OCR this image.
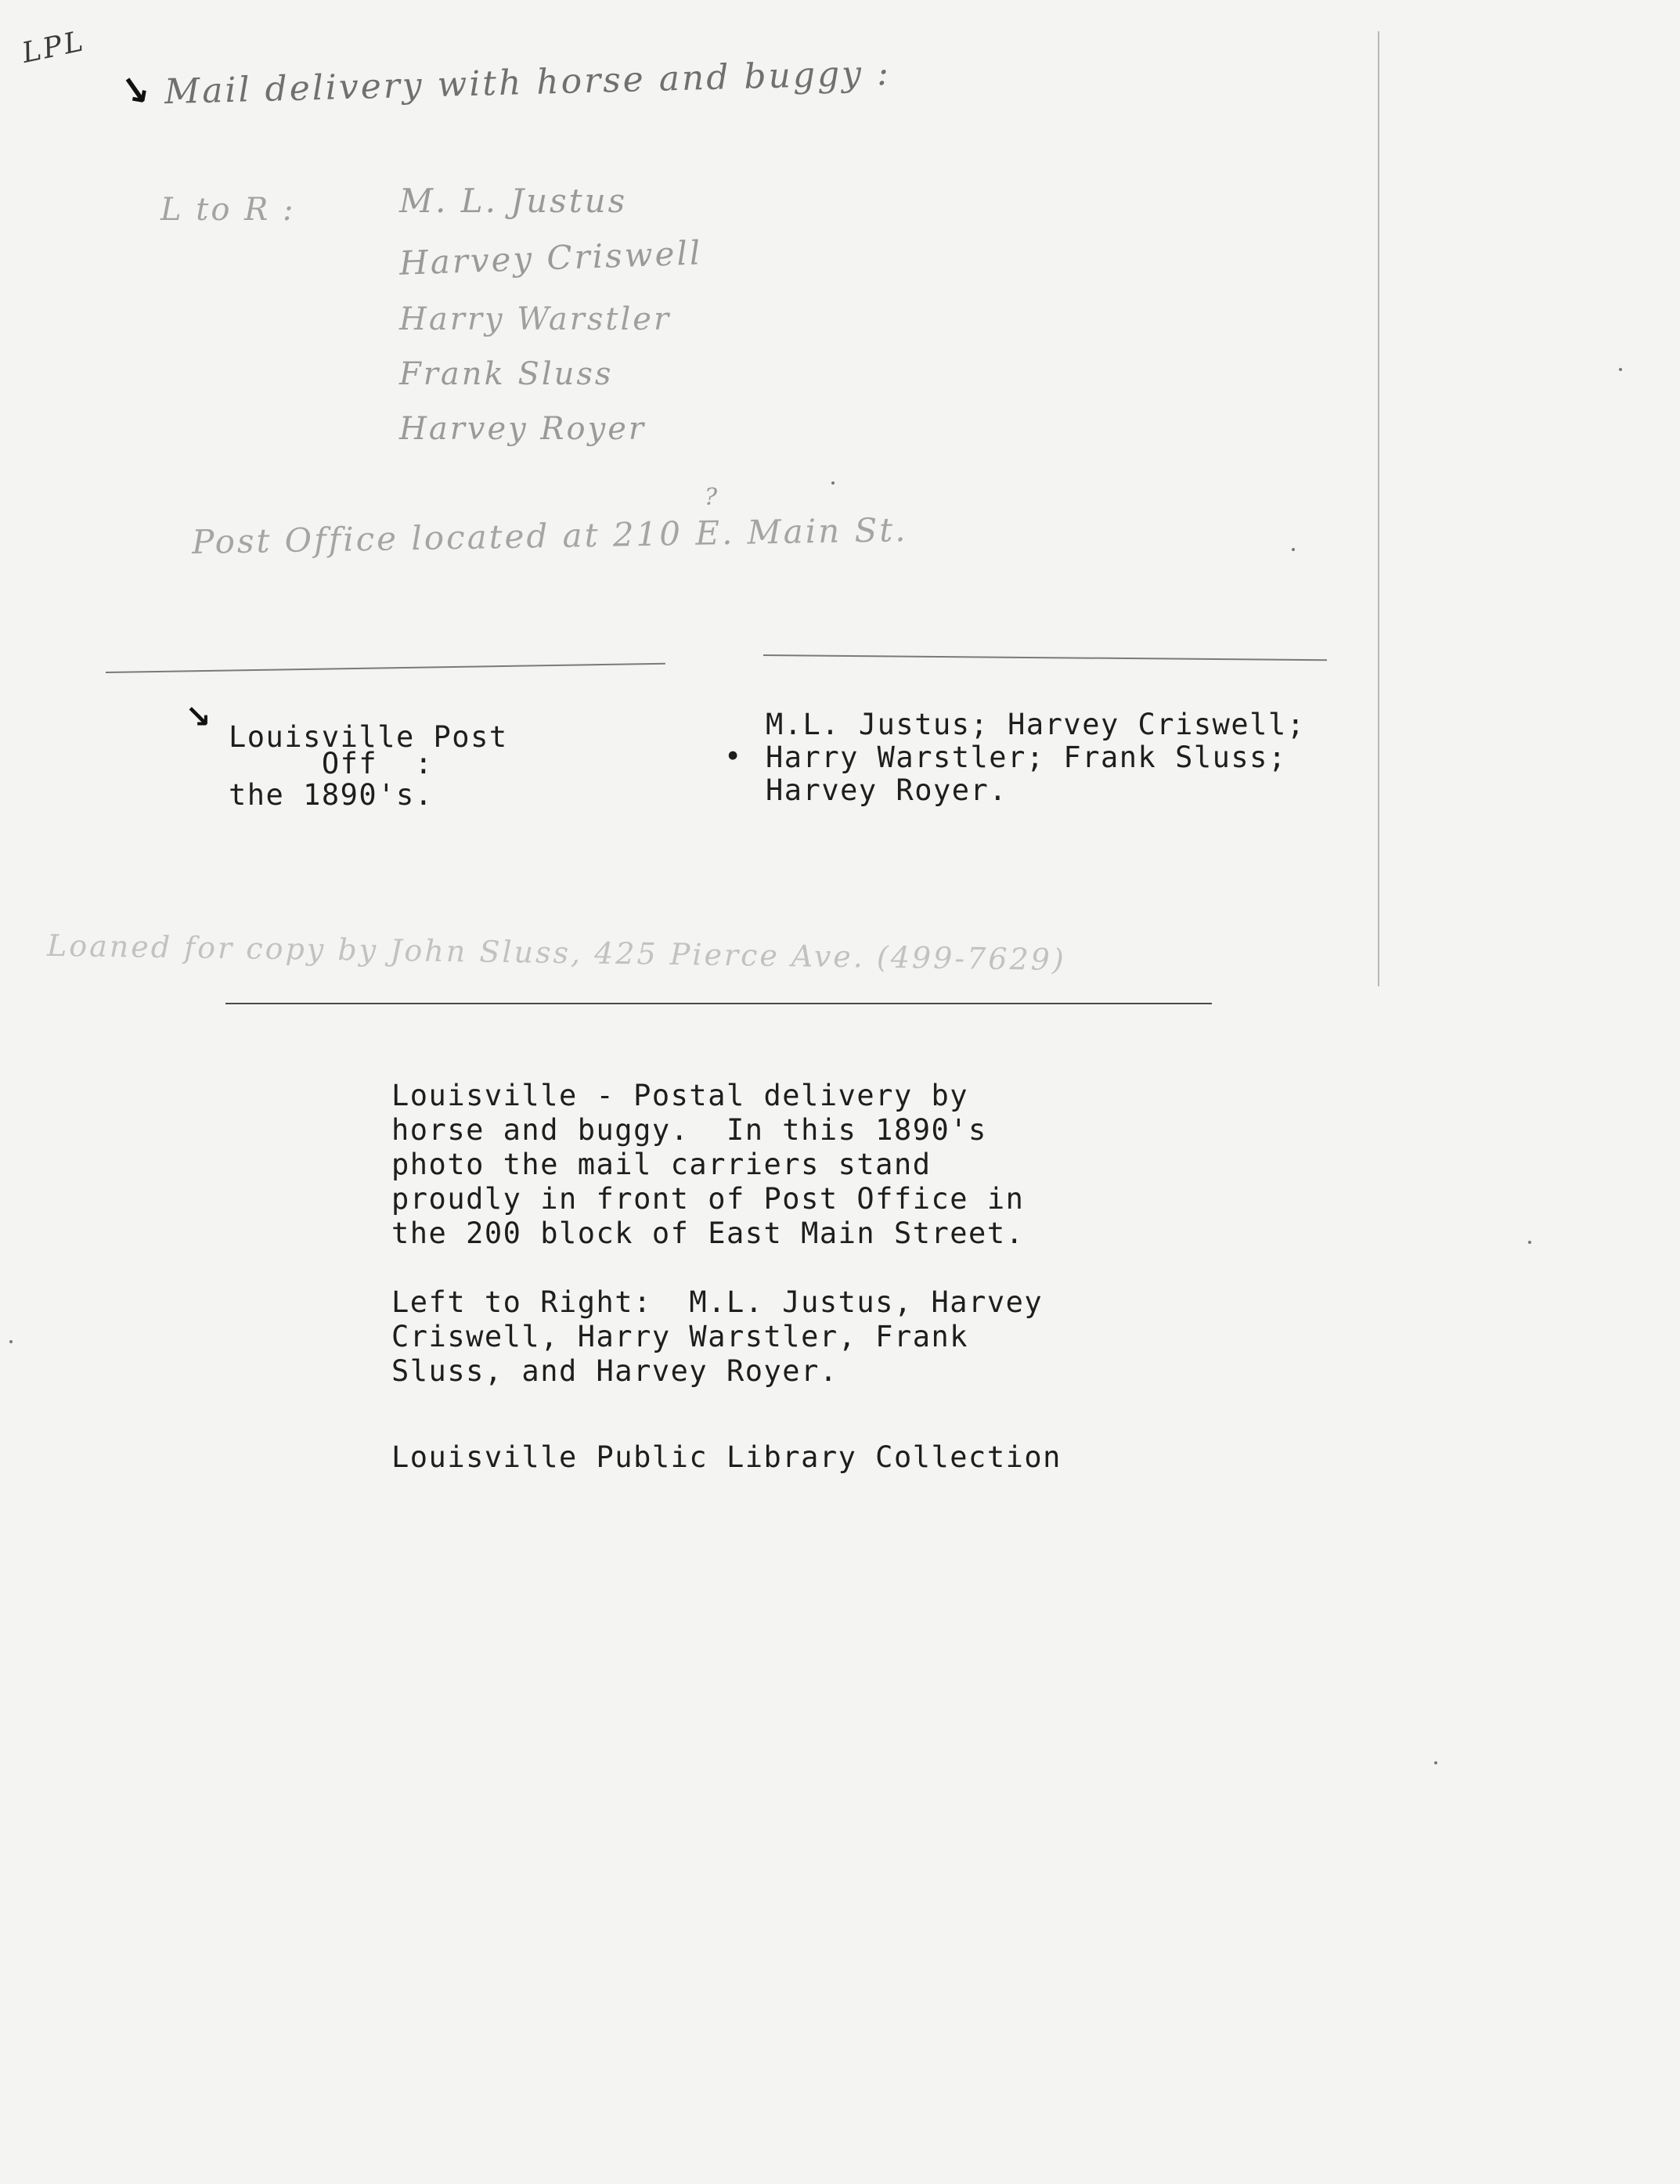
LPL
↘ Mail delivery with horse and buggy :
L to R :	M. L. Justus
Harvey Criswell
Harry Warstler
Frank Sluss
Harvey Royer
?
Post Office located at 210 E. Main St.
↘
Louisville Post
Off  :
the 1890's.
•
M.L. Justus; Harvey Criswell;
Harry Warstler; Frank Sluss;
Harvey Royer.
Loaned for copy by John Sluss, 425 Pierce Ave. (499-7629)
Louisville - Postal delivery by
horse and buggy.  In this 1890's
photo the mail carriers stand
proudly in front of Post Office in
the 200 block of East Main Street.
Left to Right:  M.L. Justus, Harvey
Criswell, Harry Warstler, Frank
Sluss, and Harvey Royer.
Louisville Public Library Collection
